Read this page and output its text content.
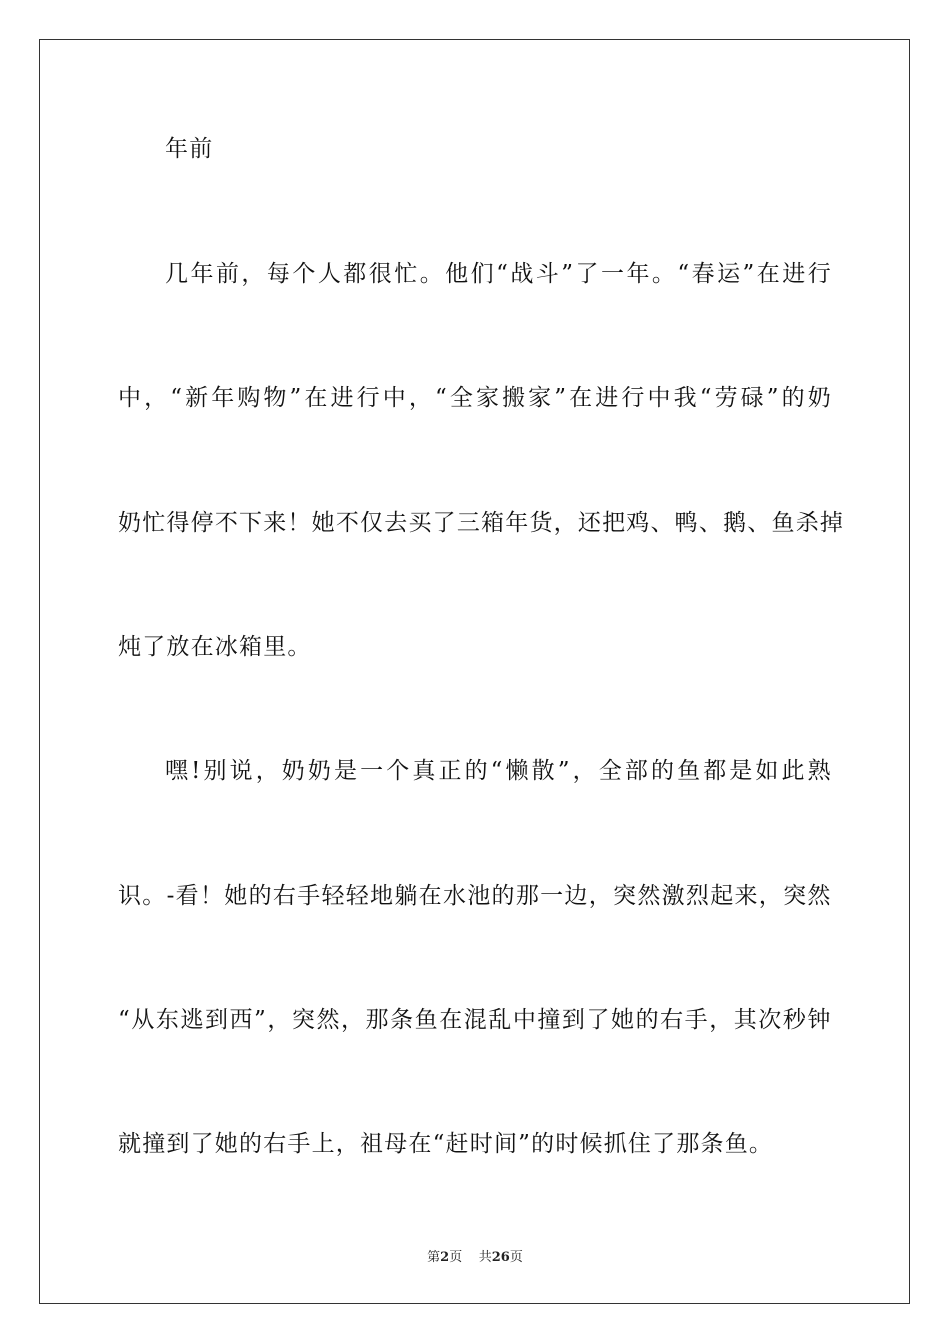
年前
几 年 前 ， 每 个 人 都 很 忙 。 他 们 “ 战 斗 ” 了 一 年 。 “ 春 运 ” 在 进 行
中 ， “ 新 年 购 物 ” 在 进 行 中 ， “ 全 家 搬 家 ” 在 进 行 中 我 “ 劳 碌 ” 的 奶
奶 忙 得 停 不 下 来 ！ 她 不 仅 去 买 了 三 箱 年 货 ， 还 把 鸡 、 鸭 、 鹅 、 鱼 杀 掉
炖了放在冰箱里。
嘿 ! 别 说 ， 奶 奶 是 一 个 真 正 的 “ 懒 散 ” ， 全 部 的 鱼 都 是 如 此 熟
识 。 - 看 ！ 她 的 右 手 轻 轻 地 躺 在 水 池 的 那 一 边 ， 突 然 激 烈 起 来 ， 突 然
“ 从 东 逃 到 西 ” ， 突 然 ， 那 条 鱼 在 混 乱 中 撞 到 了 她 的 右 手 ， 其 次 秒 钟
就撞到了她的右手上，祖母在“赶时间”的时候抓住了那条鱼。
第2页 共26页
